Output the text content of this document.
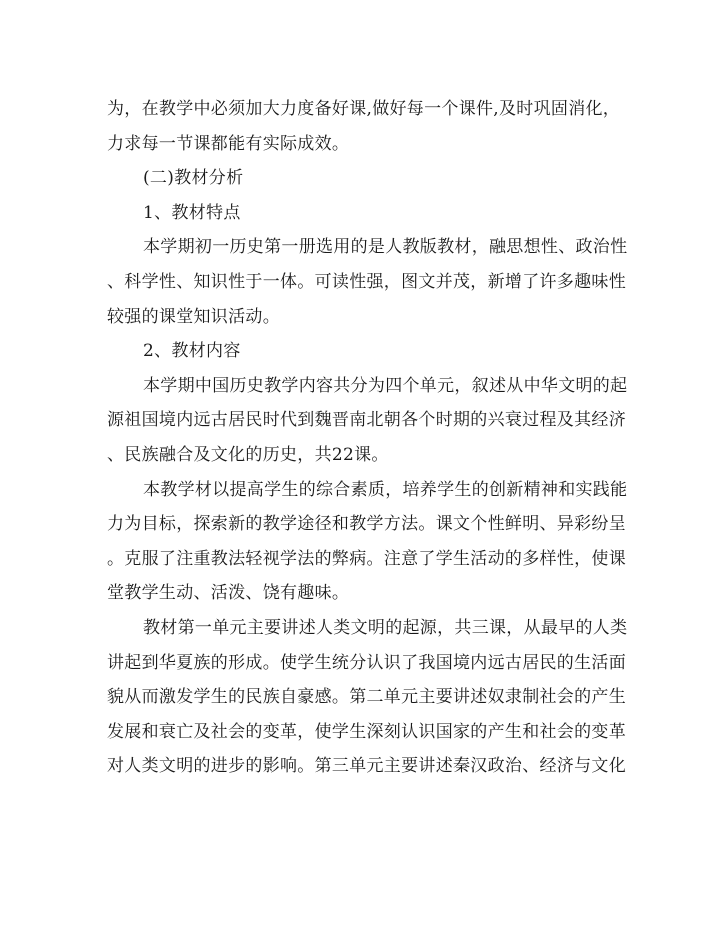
为，在教学中必须加大力度备好课,做好每一个课件,及时巩固消化，
力求每一节课都能有实际成效。
(二)教材分析
1、教材特点
本学期初一历史第一册选用的是人教版教材，融思想性、政治性
、科学性、知识性于一体。可读性强，图文并茂，新增了许多趣味性
较强的课堂知识活动。
2、教材内容
本学期中国历史教学内容共分为四个单元，叙述从中华文明的起
源祖国境内远古居民时代到魏晋南北朝各个时期的兴衰过程及其经济
、民族融合及文化的历史，共22课。
本教学材以提高学生的综合素质，培养学生的创新精神和实践能
力为目标，探索新的教学途径和教学方法。课文个性鲜明、异彩纷呈
。克服了注重教法轻视学法的弊病。注意了学生活动的多样性，使课
堂教学生动、活泼、饶有趣味。
教材第一单元主要讲述人类文明的起源，共三课，从最早的人类
讲起到华夏族的形成。使学生统分认识了我国境内远古居民的生活面
貌从而激发学生的民族自豪感。第二单元主要讲述奴隶制社会的产生
发展和衰亡及社会的变革，使学生深刻认识国家的产生和社会的变革
对人类文明的进步的影响。第三单元主要讲述秦汉政治、经济与文化
